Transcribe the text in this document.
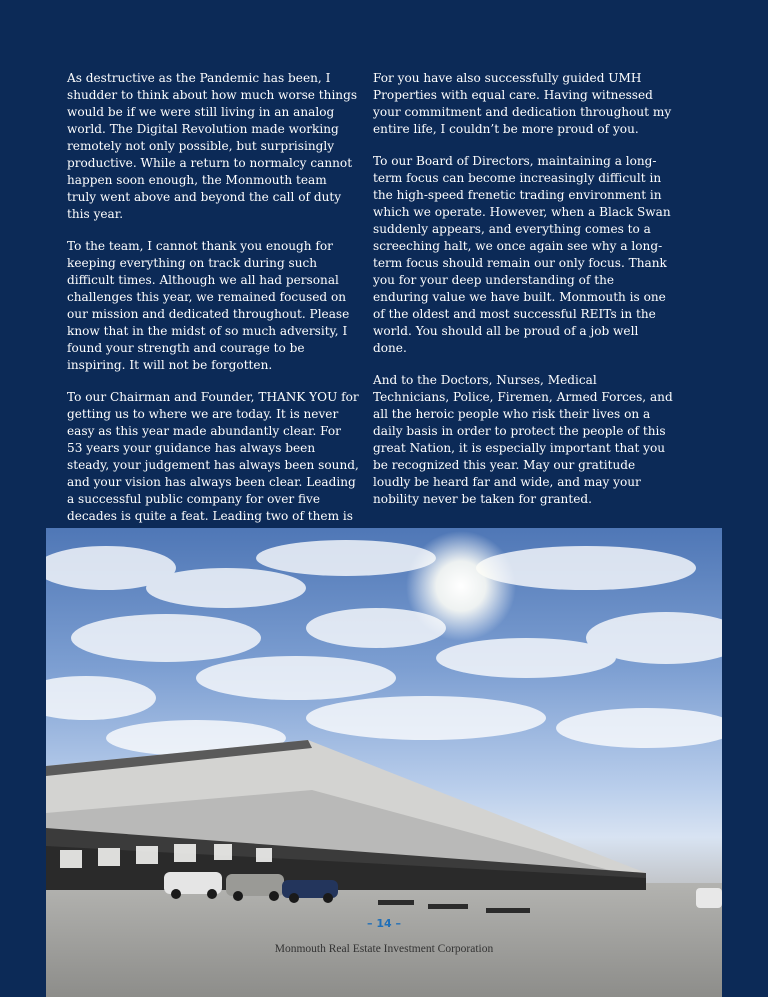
As destructive as the Pandemic has been, I shudder to think about how much worse things would be if we were still living in an analog world. The Digital Revolution made working remotely not only possible, but surprisingly productive. While a return to normalcy cannot happen soon enough, the Monmouth team truly went above and beyond the call of duty this year.

To the team, I cannot thank you enough for keeping everything on track during such difficult times. Although we all had personal challenges this year, we remained focused on our mission and dedicated throughout. Please know that in the midst of so much adversity, I found your strength and courage to be inspiring. It will not be forgotten.

To our Chairman and Founder, THANK YOU for getting us to where we are today. It is never easy as this year made abundantly clear. For 53 years your guidance has always been steady, your judgement has always been sound, and your vision has always been clear. Leading a successful public company for over five decades is quite a feat. Leading two of them is

For you have also successfully guided UMH Properties with equal care. Having witnessed your commitment and dedication throughout my entire life, I couldn’t be more proud of you.

To our Board of Directors, maintaining a long-term focus can become increasingly difficult in the high-speed frenetic trading environment in which we operate. However, when a Black Swan suddenly appears, and everything comes to a screeching halt, we once again see why a long-term focus should remain our only focus. Thank you for your deep understanding of the enduring value we have built. Monmouth is one of the oldest and most successful REITs in the world. You should all be proud of a job well done.

And to the Doctors, Nurses, Medical Technicians, Police, Firemen, Armed Forces, and all the heroic people who risk their lives on a daily basis in order to protect the people of this great Nation, it is especially important that you be recognized this year. May our gratitude loudly be heard far and wide, and may your nobility never be taken for granted.

– 14 –
Monmouth Real Estate Investment Corporation
